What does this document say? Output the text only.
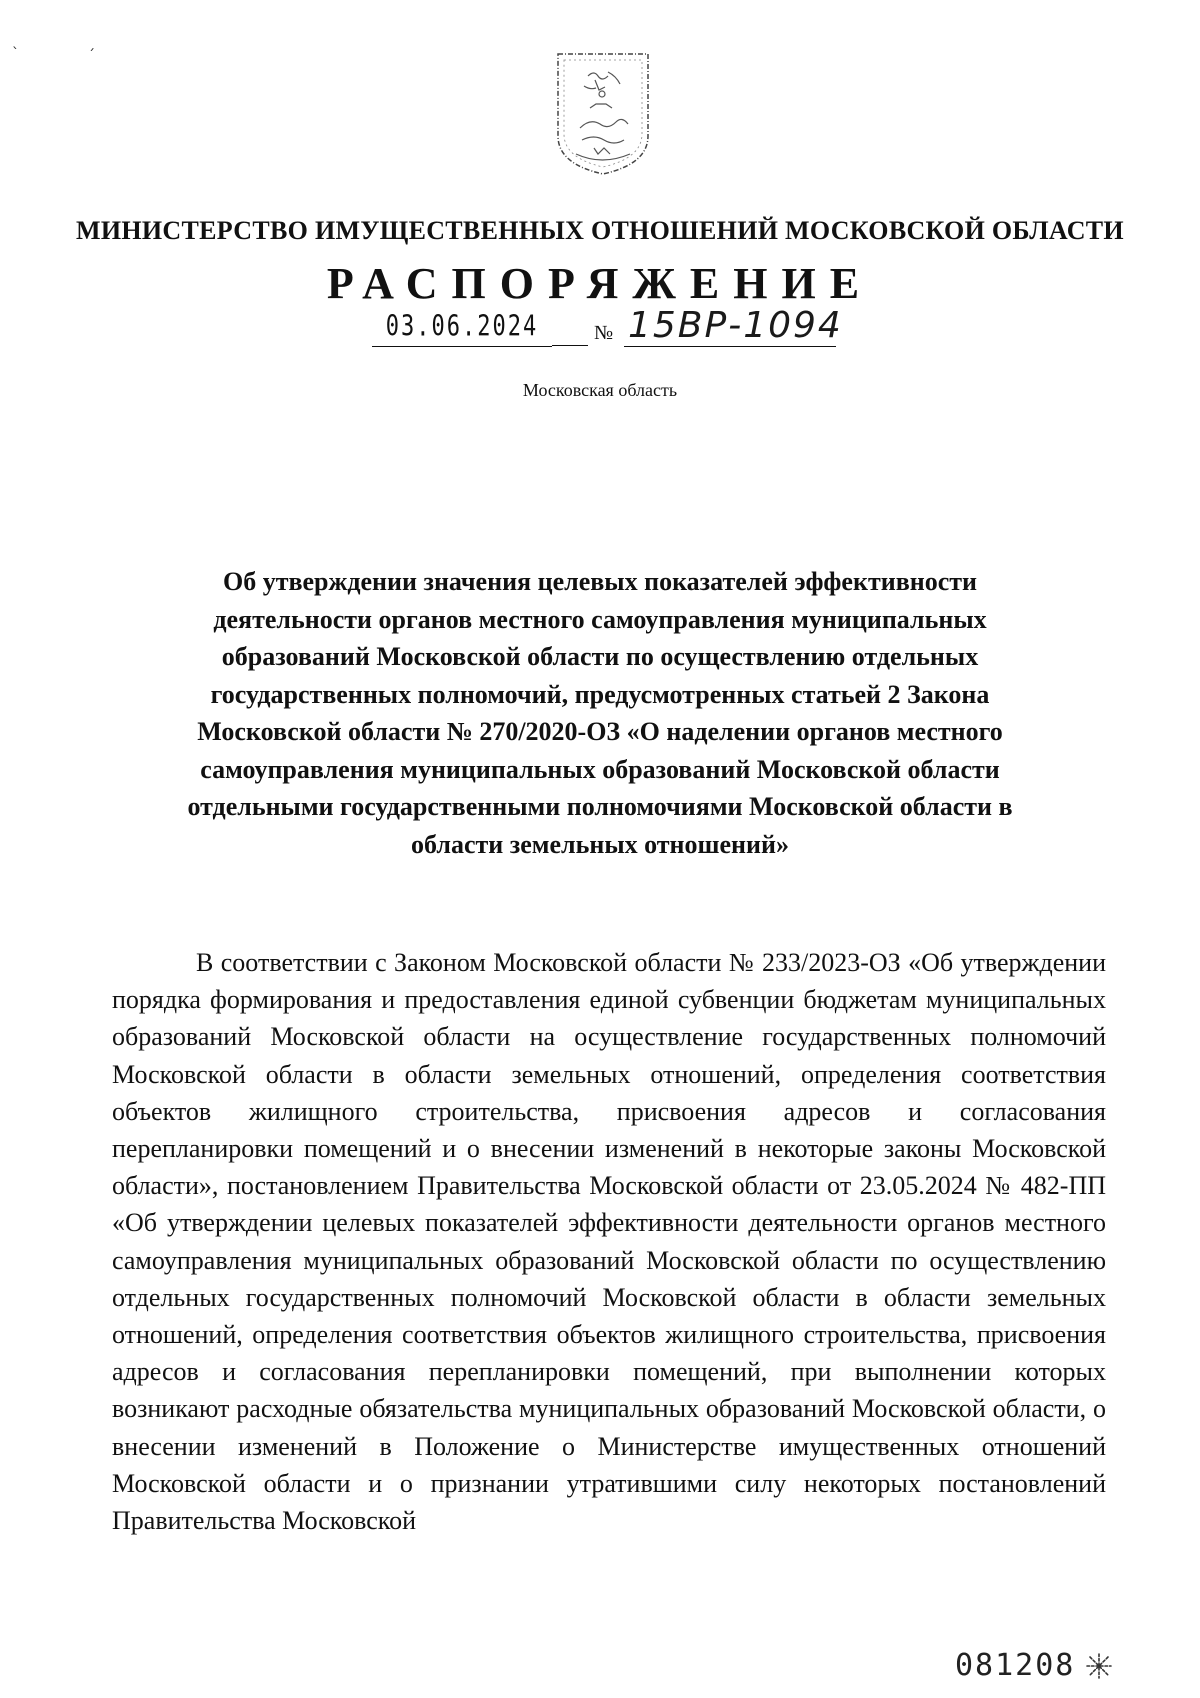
ˋ	ˊ
МИНИСТЕРСТВО ИМУЩЕСТВЕННЫХ ОТНОШЕНИЙ МОСКОВСКОЙ ОБЛАСТИ
РАСПОРЯЖЕНИЕ
03.06.2024	№ 15ВР-1094
Московская область
Об утверждении значения целевых показателей эффективности деятельности органов местного самоуправления муниципальных образований Московской области по осуществлению отдельных государственных полномочий, предусмотренных статьей 2 Закона Московской области № 270/2020-ОЗ «О наделении органов местного самоуправления муниципальных образований Московской области отдельными государственными полномочиями Московской области в области земельных отношений»

В соответствии с Законом Московской области № 233/2023-ОЗ «Об утверждении порядка формирования и предоставления единой субвенции бюджетам муниципальных образований Московской области на осуществление государственных полномочий Московской области в области земельных отношений, определения соответствия объектов жилищного строительства, присвоения адресов и согласования перепланировки помещений и о внесении изменений в некоторые законы Московской области», постановлением Правительства Московской области от 23.05.2024 № 482-ПП «Об утверждении целевых показателей эффективности деятельности органов местного самоуправления муниципальных образований Московской области по осуществлению отдельных государственных полномочий Московской области в области земельных отношений, определения соответствия объектов жилищного строительства, присвоения адресов и согласования перепланировки помещений, при выполнении которых возникают расходные обязательства муниципальных образований Московской области, о внесении изменений в Положение о Министерстве имущественных отношений Московской области и о признании утратившими силу некоторых постановлений Правительства Московской

081208
